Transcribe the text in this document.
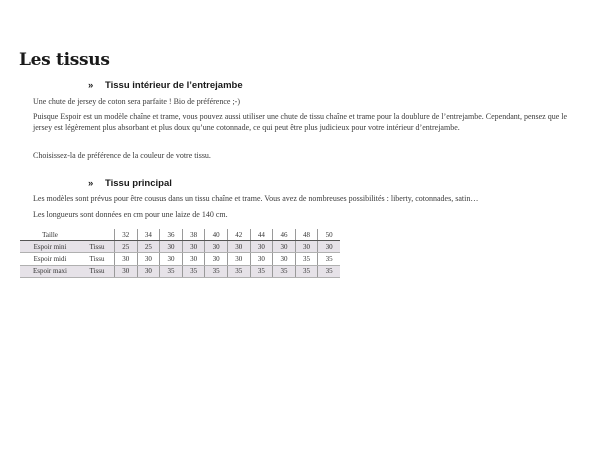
Les tissus
» Tissu intérieur de l’entrejambe
Une chute de jersey de coton sera parfaite ! Bio de préférence ;-)
Puisque Espoir est un modèle chaîne et trame, vous pouvez aussi utiliser une chute de tissu chaîne et trame pour la doublure de l’entrejambe. Cependant, pensez que le jersey est légèrement plus absorbant et plus doux qu’une cotonnade, ce qui peut être plus judicieux pour votre intérieur d’entrejambe.
Choisissez-la de préférence de la couleur de votre tissu.
» Tissu principal
Les modèles sont prévus pour être cousus dans un tissu chaîne et trame. Vous avez de nombreuses possibilités : liberty, cotonnades, satin…
Les longueurs sont données en cm pour une laize de 140 cm.
Taille		32	34	36	38	40	42	44	46	48	50
Espoir mini	Tissu	25	25	30	30	30	30	30	30	30	30
Espoir midi	Tissu	30	30	30	30	30	30	30	30	35	35
Espoir maxi	Tissu	30	30	35	35	35	35	35	35	35	35
